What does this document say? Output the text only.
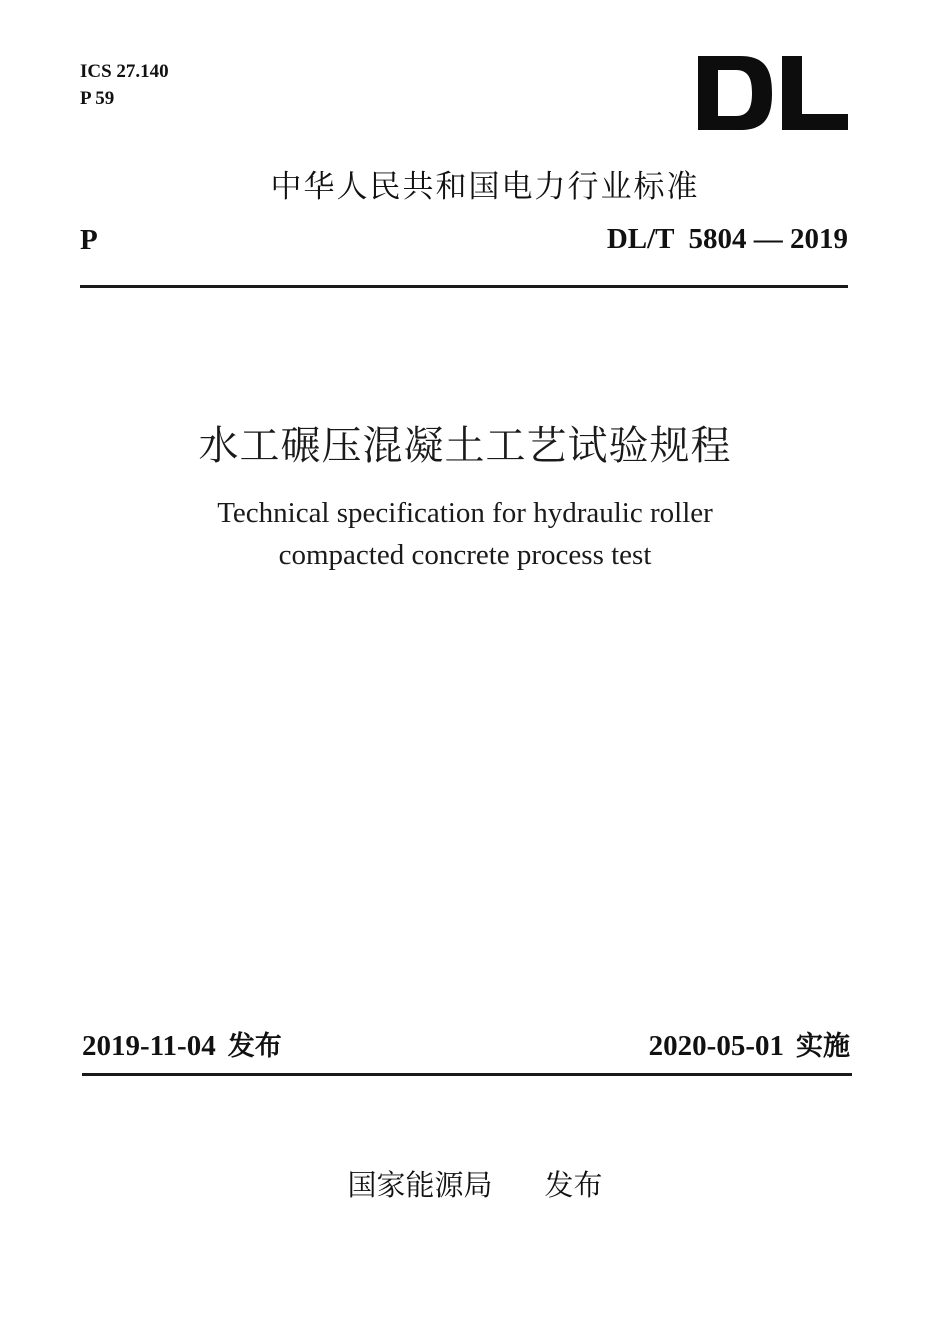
ICS 27.140
P 59
中华人民共和国电力行业标准
P	DL/T  5804 — 2019
水工碾压混凝土工艺试验规程
Technical specification for hydraulic roller
compacted concrete process test
2019-11-04 发布	2020-05-01 实施
国家能源局 发布
